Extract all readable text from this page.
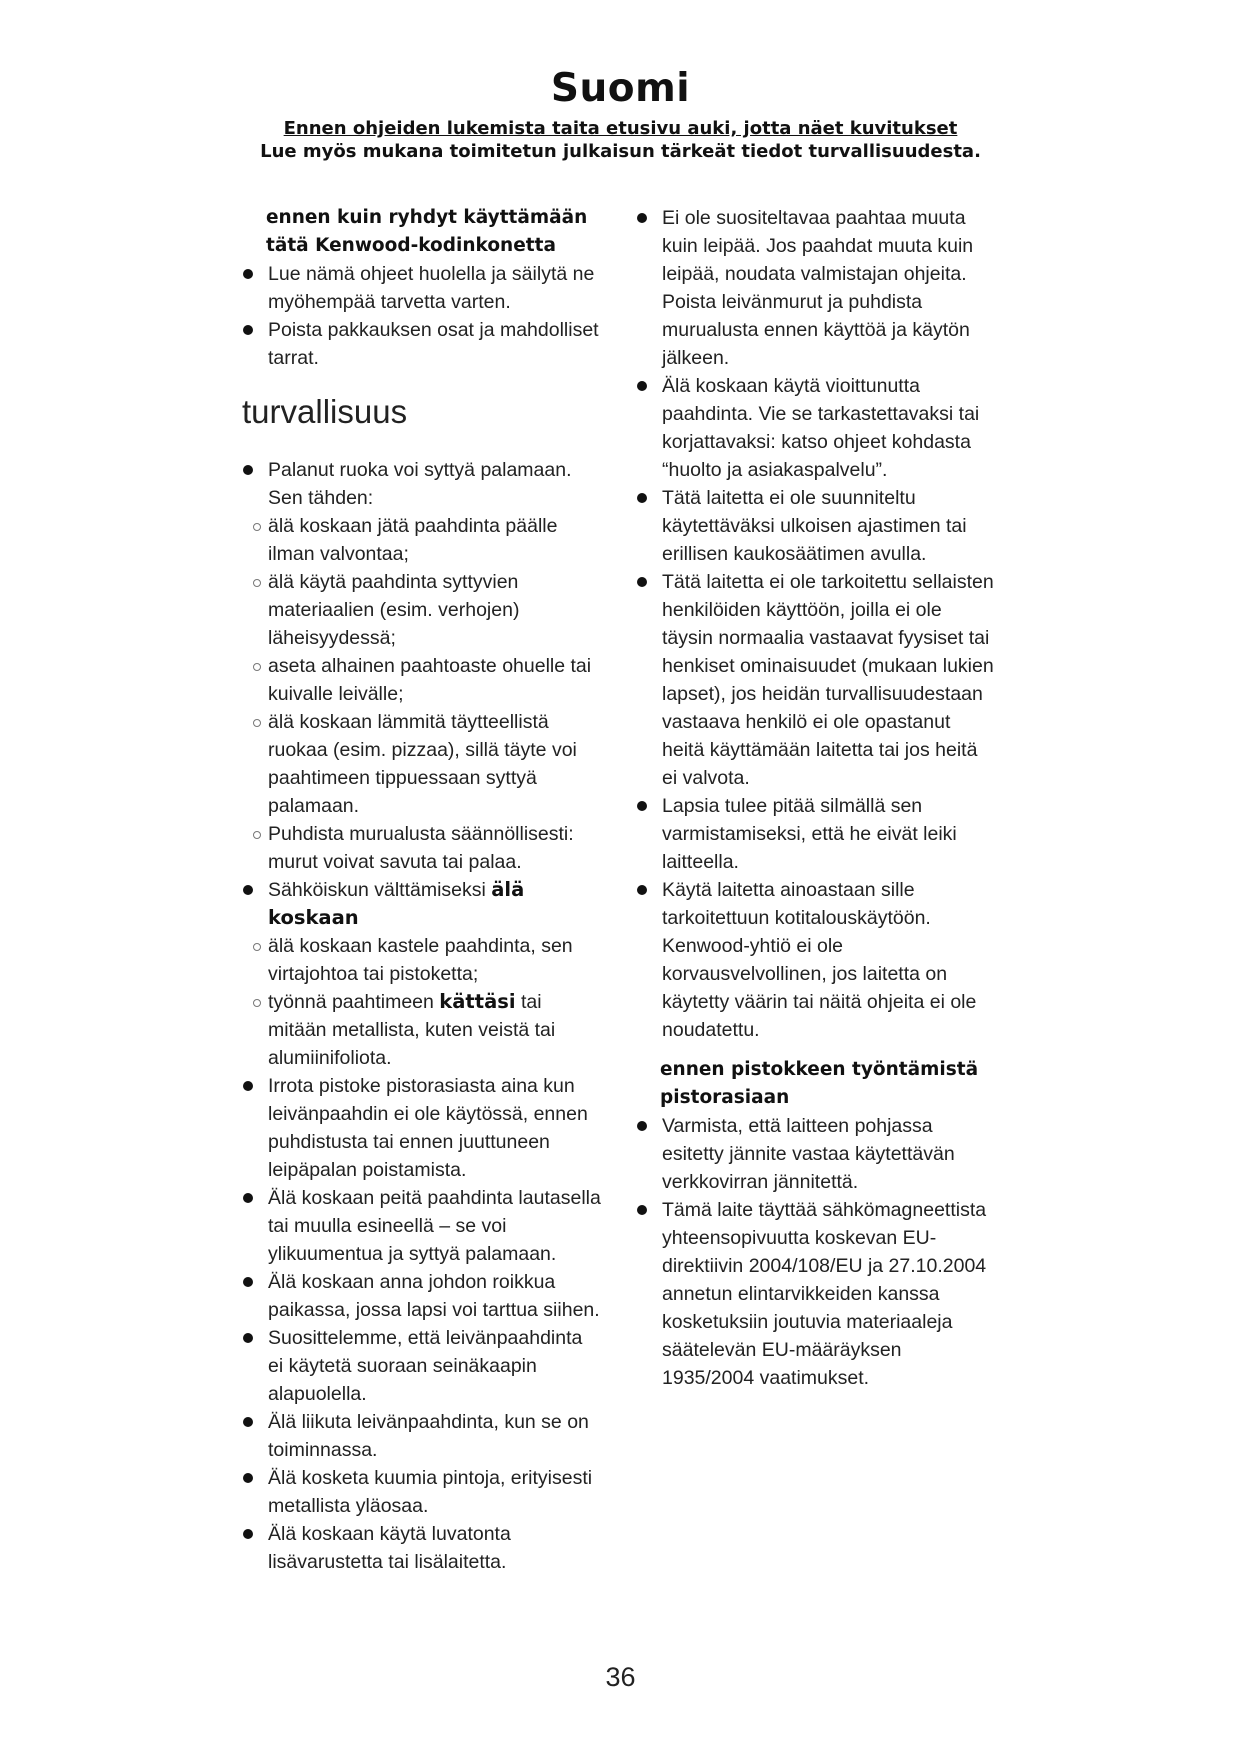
Suomi
Ennen ohjeiden lukemista taita etusivu auki, jotta näet kuvitukset
Lue myös mukana toimitetun julkaisun tärkeät tiedot turvallisuudesta.
ennen kuin ryhdyt käyttämään tätä Kenwood-kodinkonetta
Lue nämä ohjeet huolella ja säilytä ne myöhempää tarvetta varten.
Poista pakkauksen osat ja mahdolliset tarrat.
turvallisuus
Palanut ruoka voi syttyä palamaan. Sen tähden:
älä koskaan jätä paahdinta päälle ilman valvontaa;
älä käytä paahdinta syttyvien materiaalien (esim. verhojen) läheisyydessä;
aseta alhainen paahtoaste ohuelle tai kuivalle leivälle;
älä koskaan lämmitä täytteellistä ruokaa (esim. pizzaa), sillä täyte voi paahtimeen tippuessaan syttyä palamaan.
Puhdista murualusta säännöllisesti: murut voivat savuta tai palaa.
Sähköiskun välttämiseksi älä koskaan
älä koskaan kastele paahdinta, sen virtajohtoa tai pistoketta;
työnnä paahtimeen kättäsi tai mitään metallista, kuten veistä tai alumiinifoliota.
Irrota pistoke pistorasiasta aina kun leivänpaahdin ei ole käytössä, ennen puhdistusta tai ennen juuttuneen leipäpalan poistamista.
Älä koskaan peitä paahdinta lautasella tai muulla esineellä – se voi ylikuumentua ja syttyä palamaan.
Älä koskaan anna johdon roikkua paikassa, jossa lapsi voi tarttua siihen.
Suosittelemme, että leivänpaahdinta ei käytetä suoraan seinäkaapin alapuolella.
Älä liikuta leivänpaahdinta, kun se on toiminnassa.
Älä kosketa kuumia pintoja, erityisesti metallista yläosaa.
Älä koskaan käytä luvatonta lisävarustetta tai lisälaitetta.
Ei ole suositeltavaa paahtaa muuta kuin leipää. Jos paahdat muuta kuin leipää, noudata valmistajan ohjeita. Poista leivänmurut ja puhdista murualusta ennen käyttöä ja käytön jälkeen.
Älä koskaan käytä vioittunutta paahdinta. Vie se tarkastettavaksi tai korjattavaksi: katso ohjeet kohdasta “huolto ja asiakaspalvelu”.
Tätä laitetta ei ole suunniteltu käytettäväksi ulkoisen ajastimen tai erillisen kaukosäätimen avulla.
Tätä laitetta ei ole tarkoitettu sellaisten henkilöiden käyttöön, joilla ei ole täysin normaalia vastaavat fyysiset tai henkiset ominaisuudet (mukaan lukien lapset), jos heidän turvallisuudestaan vastaava henkilö ei ole opastanut heitä käyttämään laitetta tai jos heitä ei valvota.
Lapsia tulee pitää silmällä sen varmistamiseksi, että he eivät leiki laitteella.
Käytä laitetta ainoastaan sille tarkoitettuun kotitalouskäytöön. Kenwood-yhtiö ei ole korvausvelvollinen, jos laitetta on käytetty väärin tai näitä ohjeita ei ole noudatettu.
ennen pistokkeen työntämistä pistorasiaan
Varmista, että laitteen pohjassa esitetty jännite vastaa käytettävän verkkovirran jännitettä.
Tämä laite täyttää sähkömagneettista yhteensopivuutta koskevan EU-direktiivin 2004/108/EU ja 27.10.2004 annetun elintarvikkeiden kanssa kosketuksiin joutuvia materiaaleja säätelevän EU-määräyksen 1935/2004 vaatimukset.
36
